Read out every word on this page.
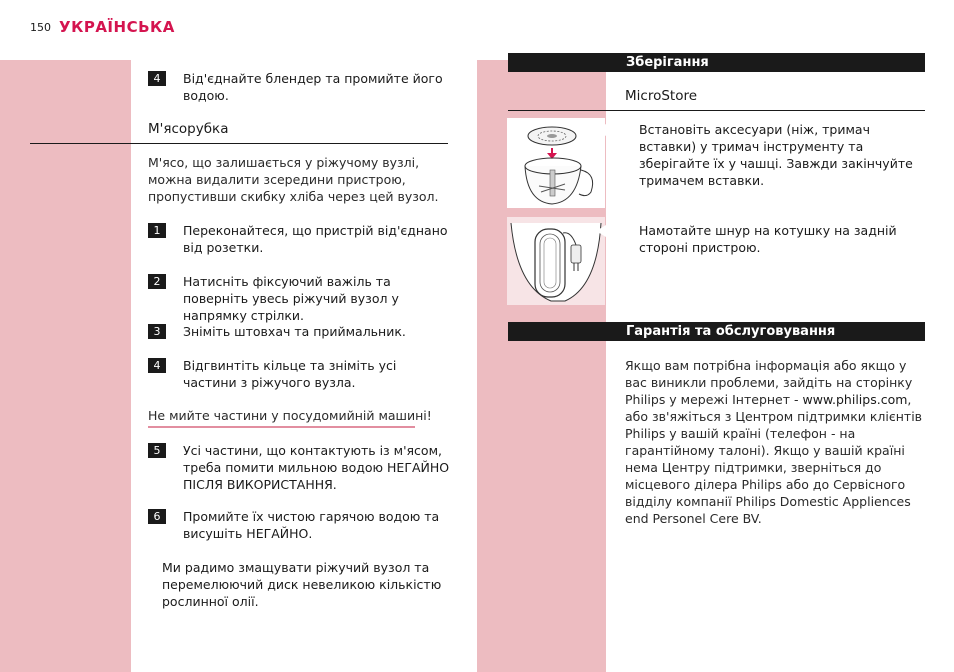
150 УКРАЇНСЬКА
4	Від'єднайте блендер та промийте його водою.
М'ясорубка
М'ясо, що залишається у ріжучому вузлі, можна видалити зсередини пристрою, пропустивши скибку хліба через цей вузол.
1	Переконайтеся, що пристрій від'єднано від розетки.
2	Натисніть фіксуючий важіль та поверніть увесь ріжучий вузол у напрямку стрілки.
3	Зніміть штовхач та приймальник.
4	Відгвинтіть кільце та зніміть усі частини з ріжучого вузла.
Не мийте частини у посудомийній машині!
5	Усі частини, що контактують із м'ясом, треба помити мильною водою НЕГАЙНО ПІСЛЯ ВИКОРИСТАННЯ.
6	Промийте їх чистою гарячою водою та висушіть НЕГАЙНО.
Ми радимо змащувати ріжучий вузол та перемелюючий диск невеликою кількістю рослинної олії.
Зберігання
MicroStore
Встановіть аксесуари (ніж, тримач вставки) у тримач інструменту та зберігайте їх у чашці. Завжди закінчуйте тримачем вставки.
Намотайте шнур на котушку на задній стороні пристрою.
Гарантія та обслуговування
Якщо вам потрібна інформація або якщо у вас виникли проблеми, зайдіть на сторінку Philips у мережі Інтернет - www.philips.com, або зв'яжіться з Центром підтримки клієнтів Philips у вашій країні (телефон - на гарантійному талоні). Якщо у вашій країні нема Центру підтримки, зверніться до місцевого ділера Philips або до Сервісного відділу компанії Philips Domestic Appliences end Personel Cere BV.
